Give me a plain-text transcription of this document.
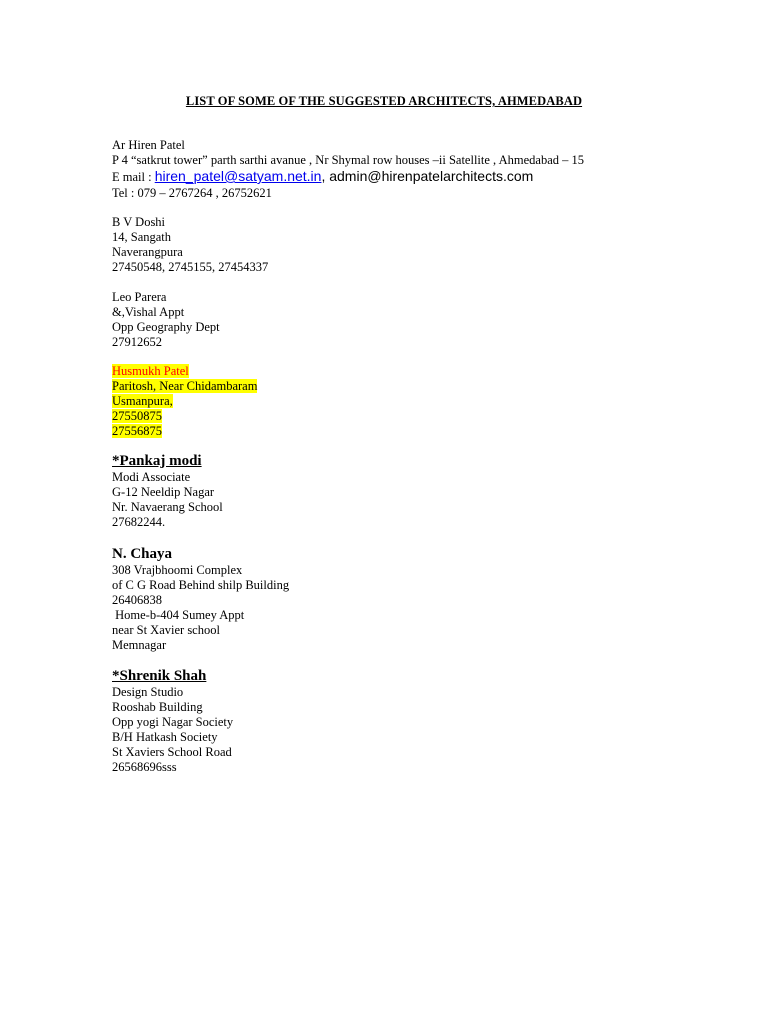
LIST OF SOME OF THE SUGGESTED ARCHITECTS, AHMEDABAD
Ar Hiren Patel
P 4 “satkrut tower” parth sarthi avanue , Nr Shymal row houses –ii Satellite , Ahmedabad – 15
E mail : hiren_patel@satyam.net.in, admin@hirenpatelarchitects.com
Tel : 079 – 2767264 , 26752621
B V Doshi
14, Sangath
Naverangpura
27450548, 2745155, 27454337
Leo Parera
&,Vishal Appt
Opp Geography Dept
27912652
Husmukh Patel
Paritosh, Near Chidambaram
Usmanpura,
27550875
27556875
*Pankaj modi
Modi Associate
G-12 Neeldip Nagar
Nr. Navaerang School
27682244.
N. Chaya
308 Vrajbhoomi Complex
of C G Road Behind shilp Building
26406838
Home-b-404 Sumey Appt
near St Xavier school
Memnagar
*Shrenik Shah
Design Studio
Rooshab Building
Opp yogi Nagar Society
B/H Hatkash Society
St Xaviers School Road
26568696sss
